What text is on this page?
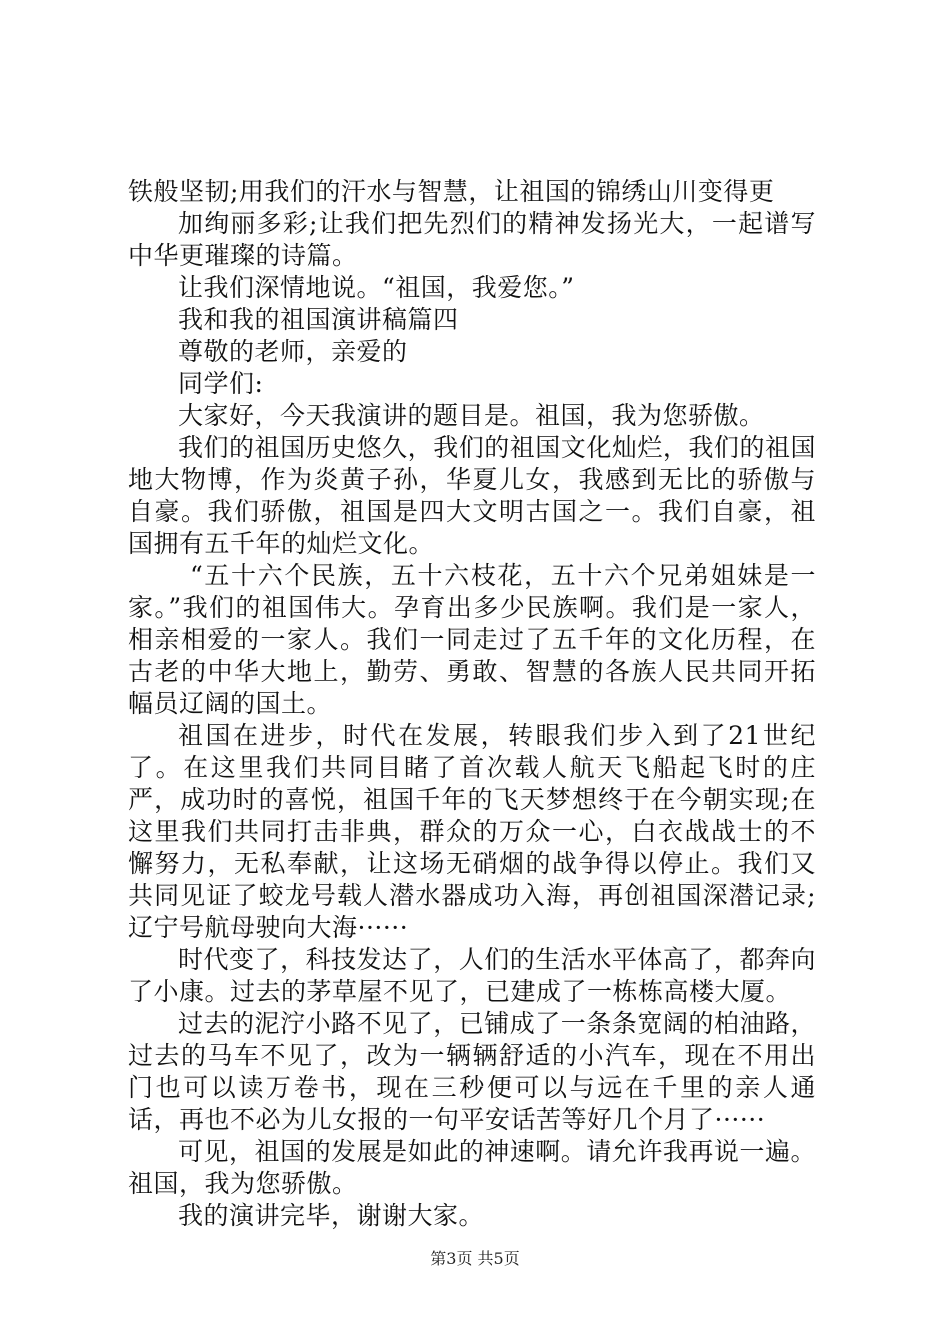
铁般坚韧;用我们的汗水与智慧，让祖国的锦绣山川变得更

加绚丽多彩;让我们把先烈们的精神发扬光大，一起谱写中华更璀璨的诗篇。

让我们深情地说。“祖国，我爱您。”

我和我的祖国演讲稿篇四

尊敬的老师，亲爱的

同学们:

大家好，今天我演讲的题目是。祖国，我为您骄傲。

我们的祖国历史悠久，我们的祖国文化灿烂，我们的祖国地大物博，作为炎黄子孙，华夏儿女，我感到无比的骄傲与自豪。我们骄傲，祖国是四大文明古国之一。我们自豪，祖国拥有五千年的灿烂文化。

“五十六个民族，五十六枝花，五十六个兄弟姐妹是一家。”我们的祖国伟大。孕育出多少民族啊。我们是一家人，相亲相爱的一家人。我们一同走过了五千年的文化历程，在古老的中华大地上，勤劳、勇敢、智慧的各族人民共同开拓幅员辽阔的国土。

祖国在进步，时代在发展，转眼我们步入到了21世纪了。在这里我们共同目睹了首次载人航天飞船起飞时的庄严，成功时的喜悦，祖国千年的飞天梦想终于在今朝实现;在这里我们共同打击非典，群众的万众一心，白衣战战士的不懈努力，无私奉献，让这场无硝烟的战争得以停止。我们又共同见证了蛟龙号载人潜水器成功入海，再创祖国深潜记录;辽宁号航母驶向大海······

时代变了，科技发达了，人们的生活水平体高了，都奔向了小康。过去的茅草屋不见了，已建成了一栋栋高楼大厦。

过去的泥泞小路不见了，已铺成了一条条宽阔的柏油路，过去的马车不见了，改为一辆辆舒适的小汽车，现在不用出门也可以读万卷书，现在三秒便可以与远在千里的亲人通话，再也不必为儿女报的一句平安话苦等好几个月了······

可见，祖国的发展是如此的神速啊。请允许我再说一遍。祖国，我为您骄傲。

我的演讲完毕，谢谢大家。

第3页 共5页
